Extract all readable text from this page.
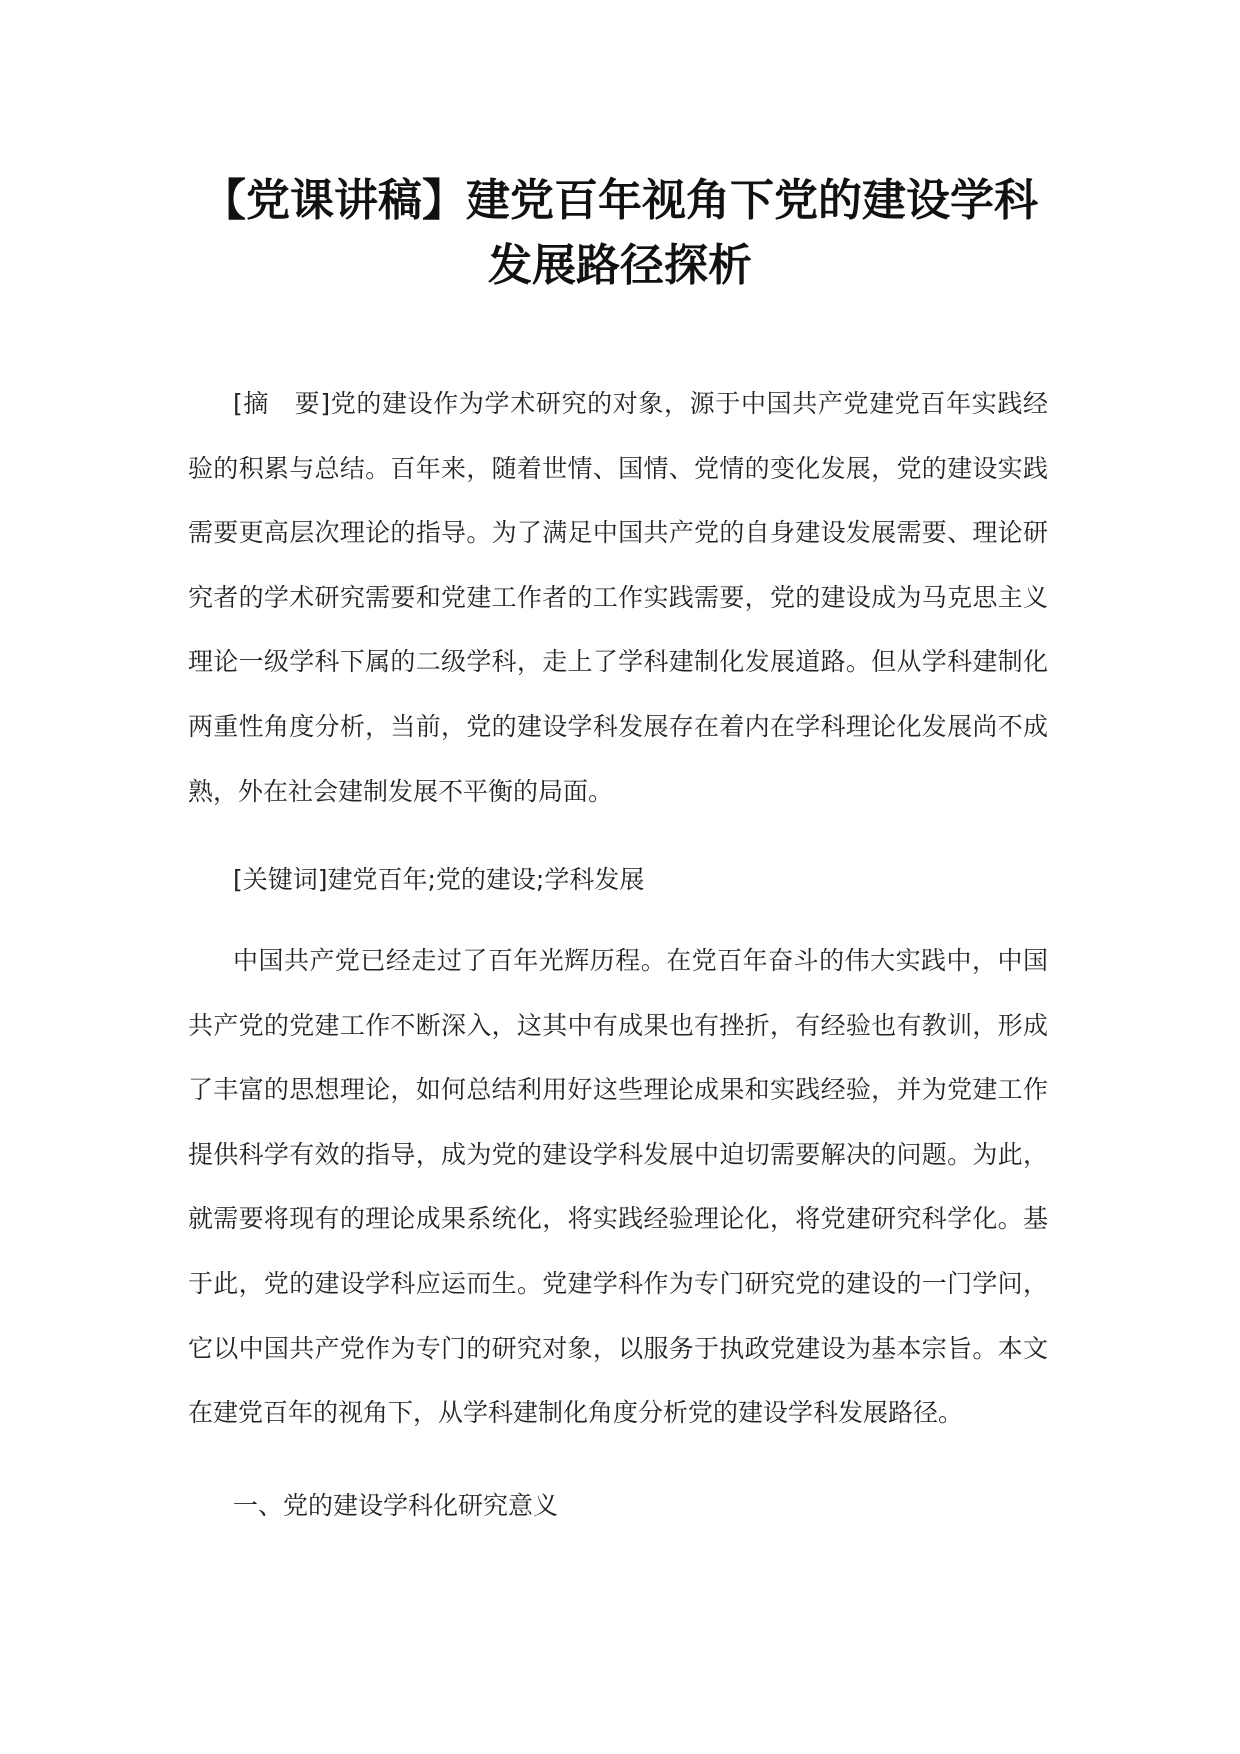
【党课讲稿】建党百年视角下党的建设学科
发展路径探析

[摘　要]党的建设作为学术研究的对象，源于中国共产党建党百年实践经验的积累与总结。百年来，随着世情、国情、党情的变化发展，党的建设实践需要更高层次理论的指导。为了满足中国共产党的自身建设发展需要、理论研究者的学术研究需要和党建工作者的工作实践需要，党的建设成为马克思主义理论一级学科下属的二级学科，走上了学科建制化发展道路。但从学科建制化两重性角度分析，当前，党的建设学科发展存在着内在学科理论化发展尚不成熟，外在社会建制发展不平衡的局面。

[关键词]建党百年;党的建设;学科发展

中国共产党已经走过了百年光辉历程。在党百年奋斗的伟大实践中，中国共产党的党建工作不断深入，这其中有成果也有挫折，有经验也有教训，形成了丰富的思想理论，如何总结利用好这些理论成果和实践经验，并为党建工作提供科学有效的指导，成为党的建设学科发展中迫切需要解决的问题。为此，就需要将现有的理论成果系统化，将实践经验理论化，将党建研究科学化。基于此，党的建设学科应运而生。党建学科作为专门研究党的建设的一门学问，它以中国共产党作为专门的研究对象，以服务于执政党建设为基本宗旨。本文在建党百年的视角下，从学科建制化角度分析党的建设学科发展路径。

一、党的建设学科化研究意义
